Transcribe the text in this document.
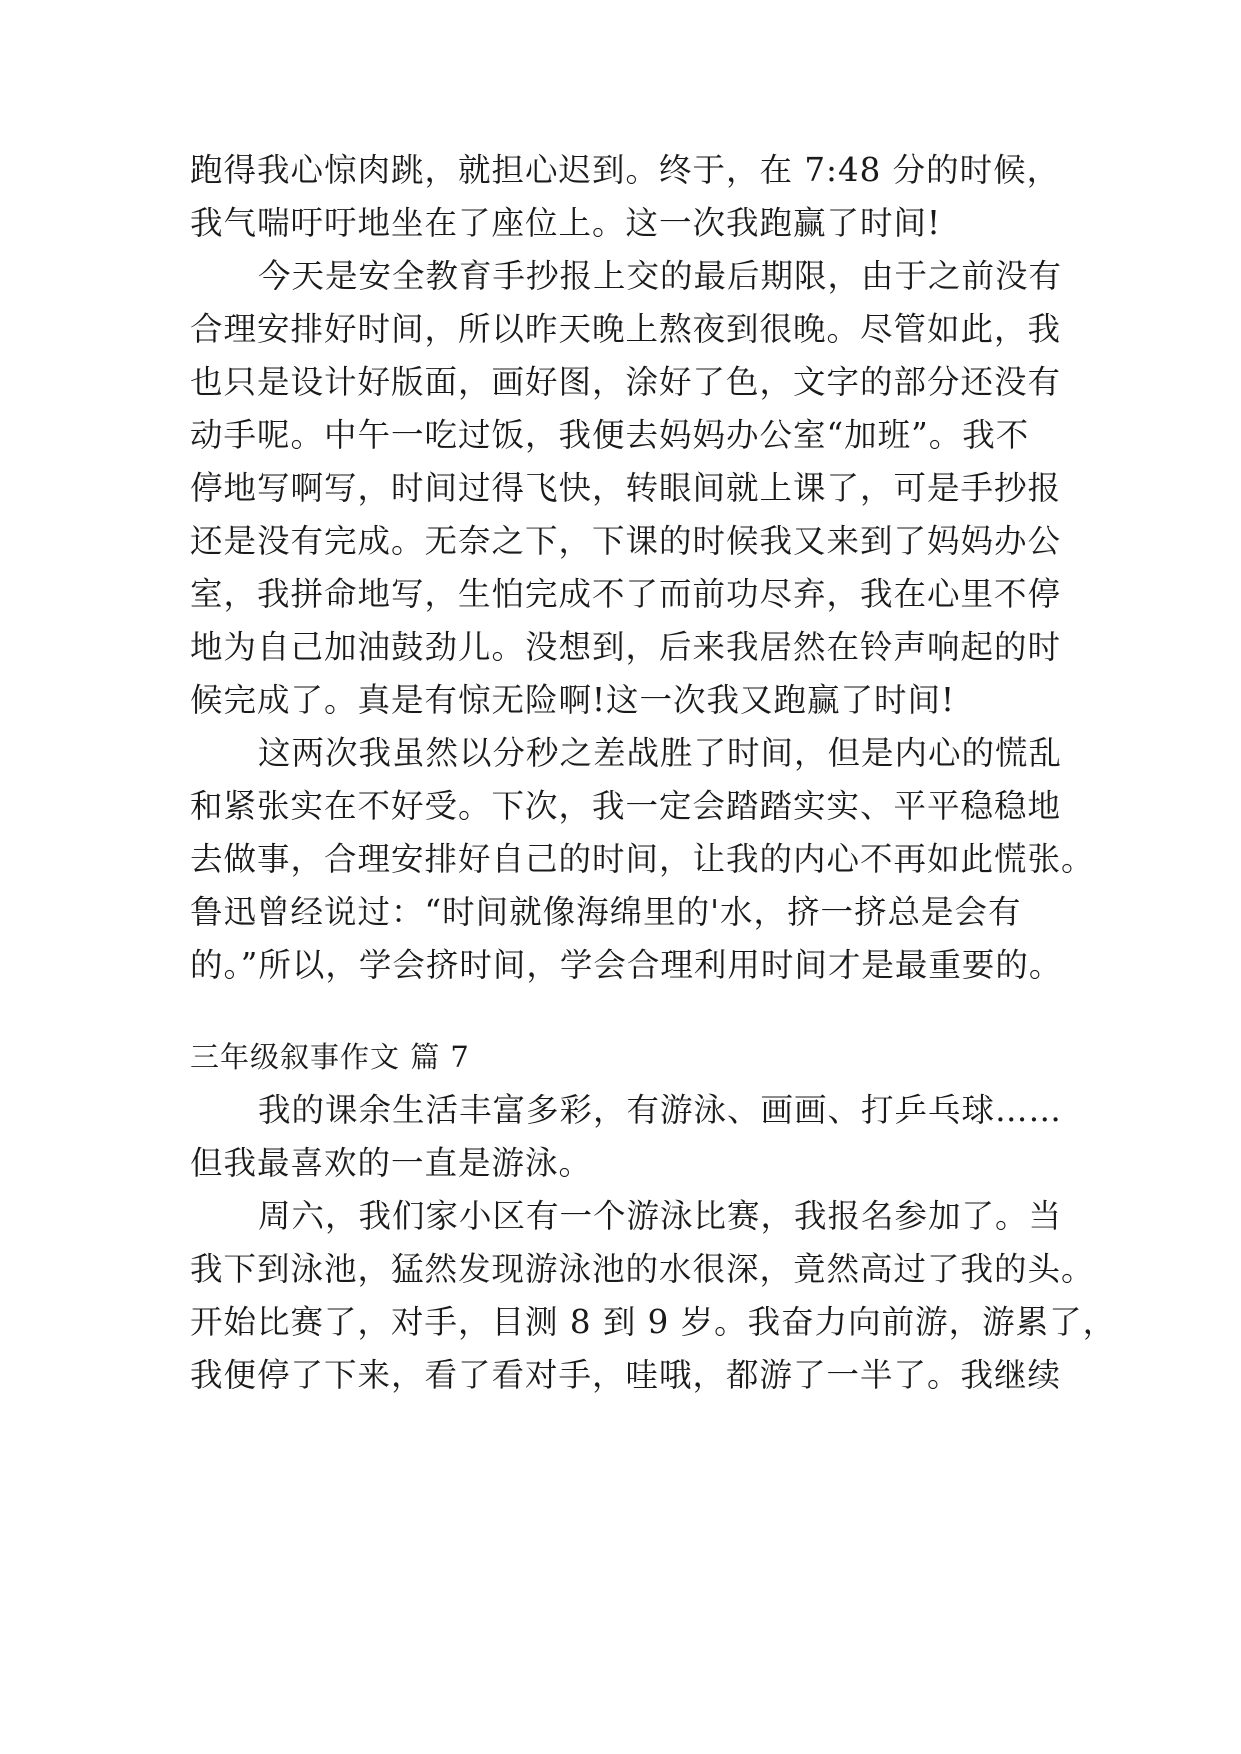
跑得我心惊肉跳，就担心迟到。终于，在 7:48 分的时候，
我气喘吁吁地坐在了座位上。这一次我跑赢了时间!
今天是安全教育手抄报上交的最后期限，由于之前没有
合理安排好时间，所以昨天晚上熬夜到很晚。尽管如此，我
也只是设计好版面，画好图，涂好了色，文字的部分还没有
动手呢。中午一吃过饭，我便去妈妈办公室“加班”。我不
停地写啊写，时间过得飞快，转眼间就上课了，可是手抄报
还是没有完成。无奈之下，下课的时候我又来到了妈妈办公
室，我拼命地写，生怕完成不了而前功尽弃，我在心里不停
地为自己加油鼓劲儿。没想到，后来我居然在铃声响起的时
候完成了。真是有惊无险啊!这一次我又跑赢了时间!
这两次我虽然以分秒之差战胜了时间，但是内心的慌乱
和紧张实在不好受。下次，我一定会踏踏实实、平平稳稳地
去做事，合理安排好自己的时间，让我的内心不再如此慌张。
鲁迅曾经说过：“时间就像海绵里的'水，挤一挤总是会有
的。”所以，学会挤时间，学会合理利用时间才是最重要的。
三年级叙事作文 篇 7
我的课余生活丰富多彩，有游泳、画画、打乒乓球……
但我最喜欢的一直是游泳。
周六，我们家小区有一个游泳比赛，我报名参加了。当
我下到泳池，猛然发现游泳池的水很深，竟然高过了我的头。
开始比赛了，对手，目测 8 到 9 岁。我奋力向前游，游累了，
我便停了下来，看了看对手，哇哦，都游了一半了。我继续
